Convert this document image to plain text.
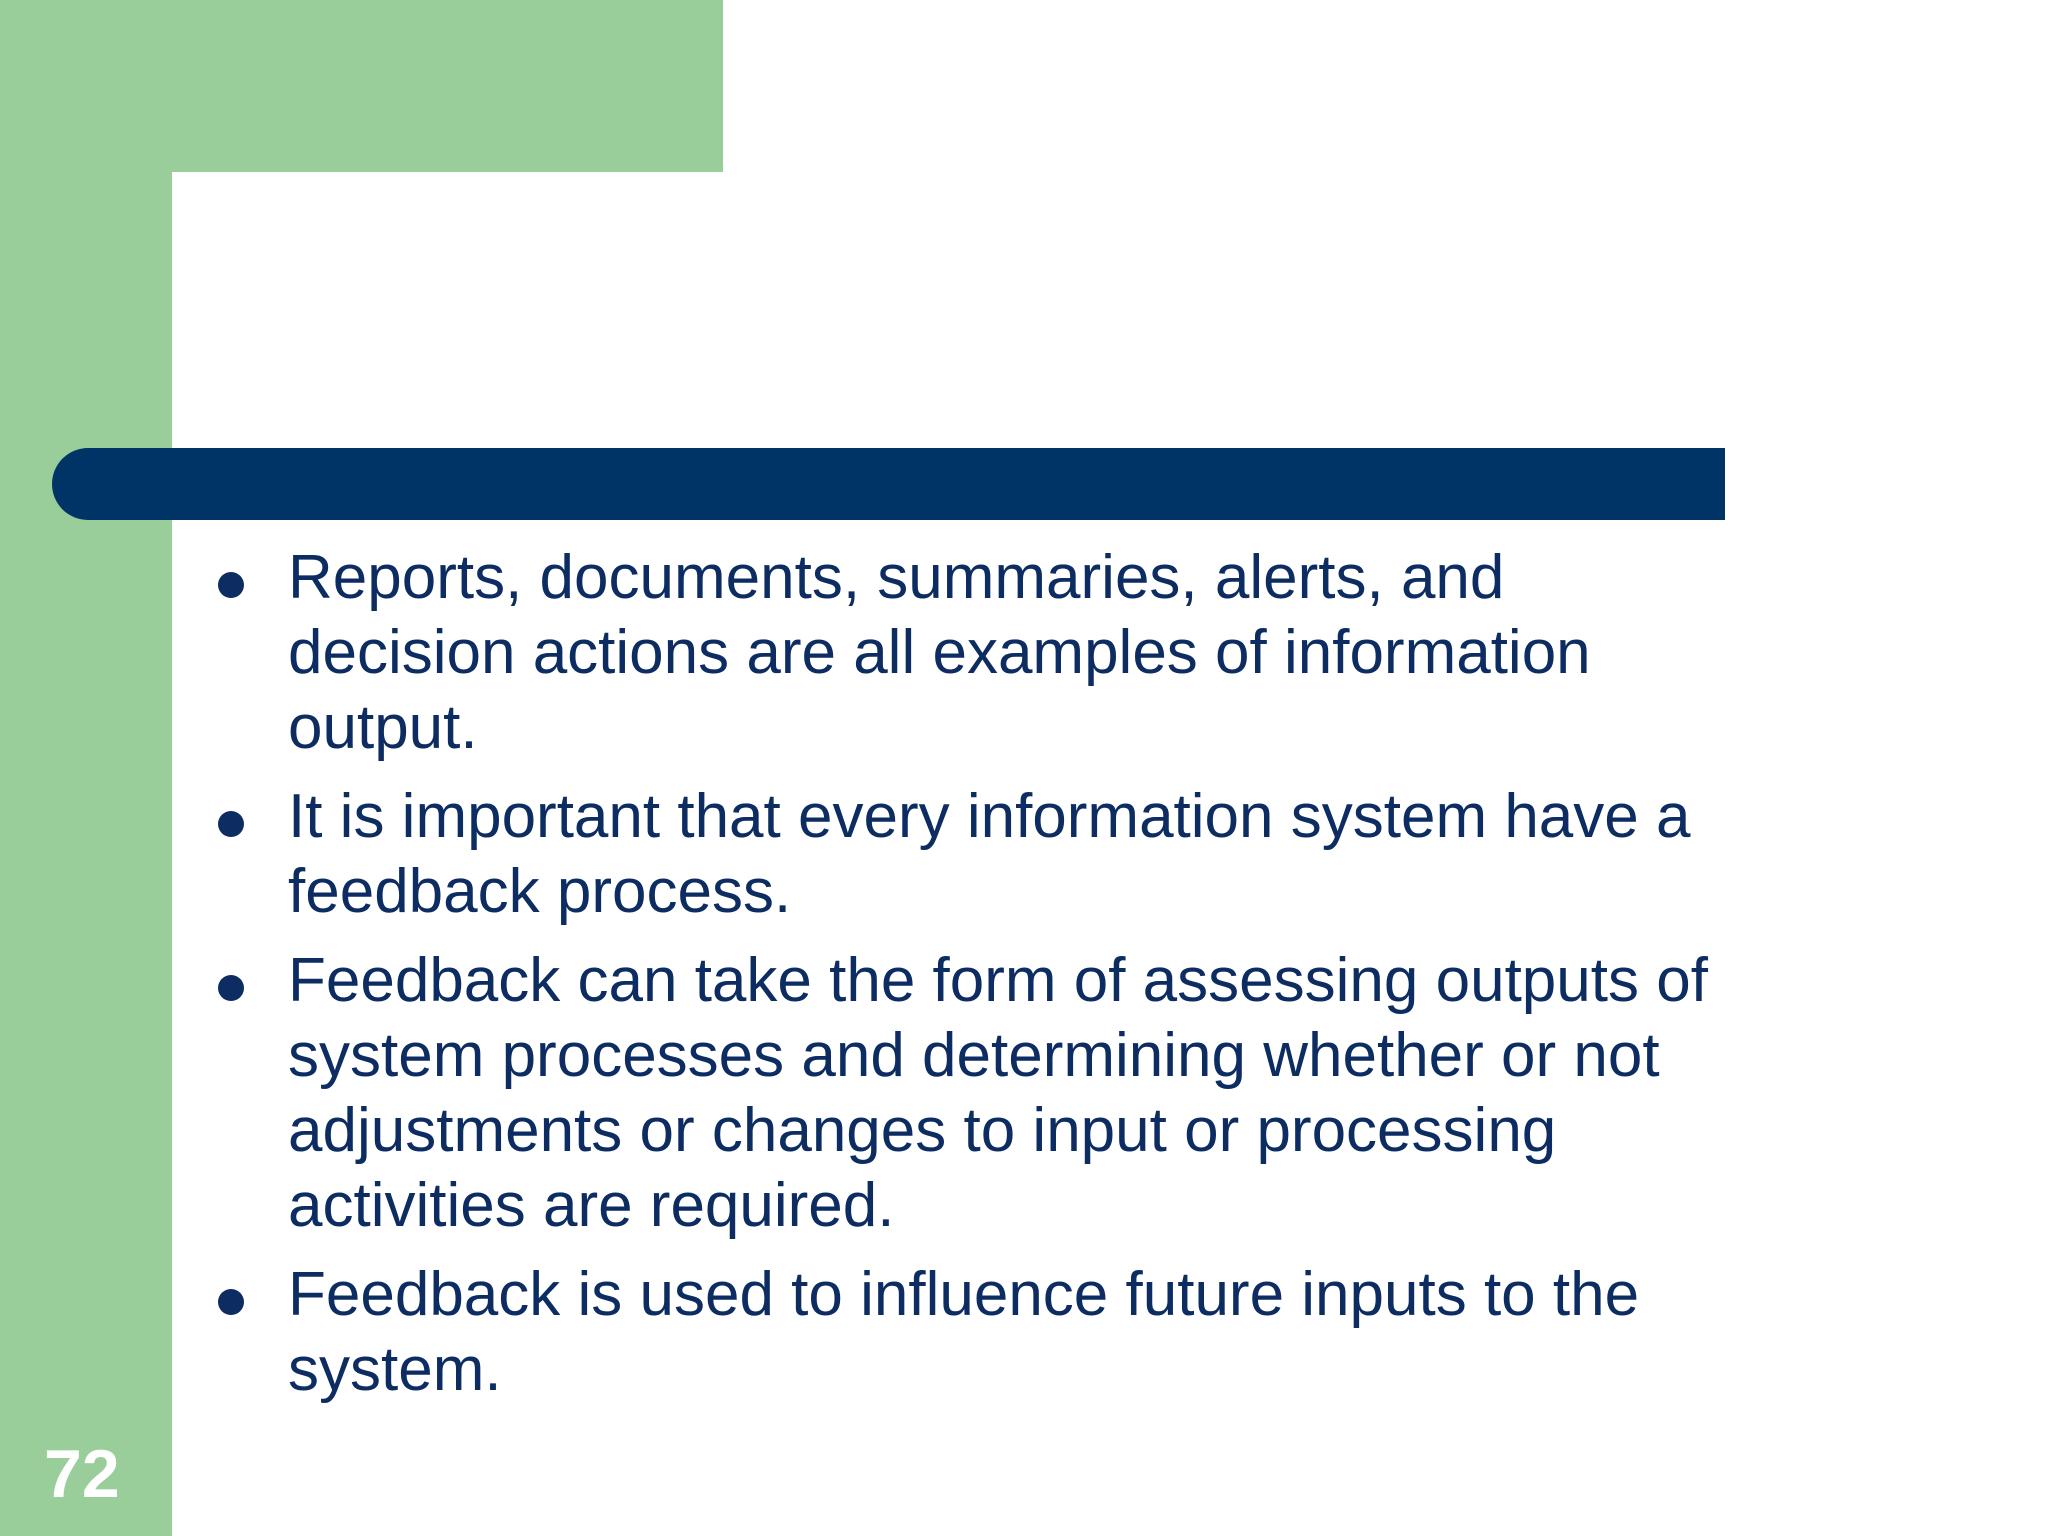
Reports, documents, summaries, alerts, and
decision actions are all examples of information
output.
It is important that every information system have a
feedback process.
Feedback can take the form of assessing outputs of
system processes and determining whether or not
adjustments or changes to input or processing
activities are required.
Feedback is used to influence future inputs to the
system.
72
